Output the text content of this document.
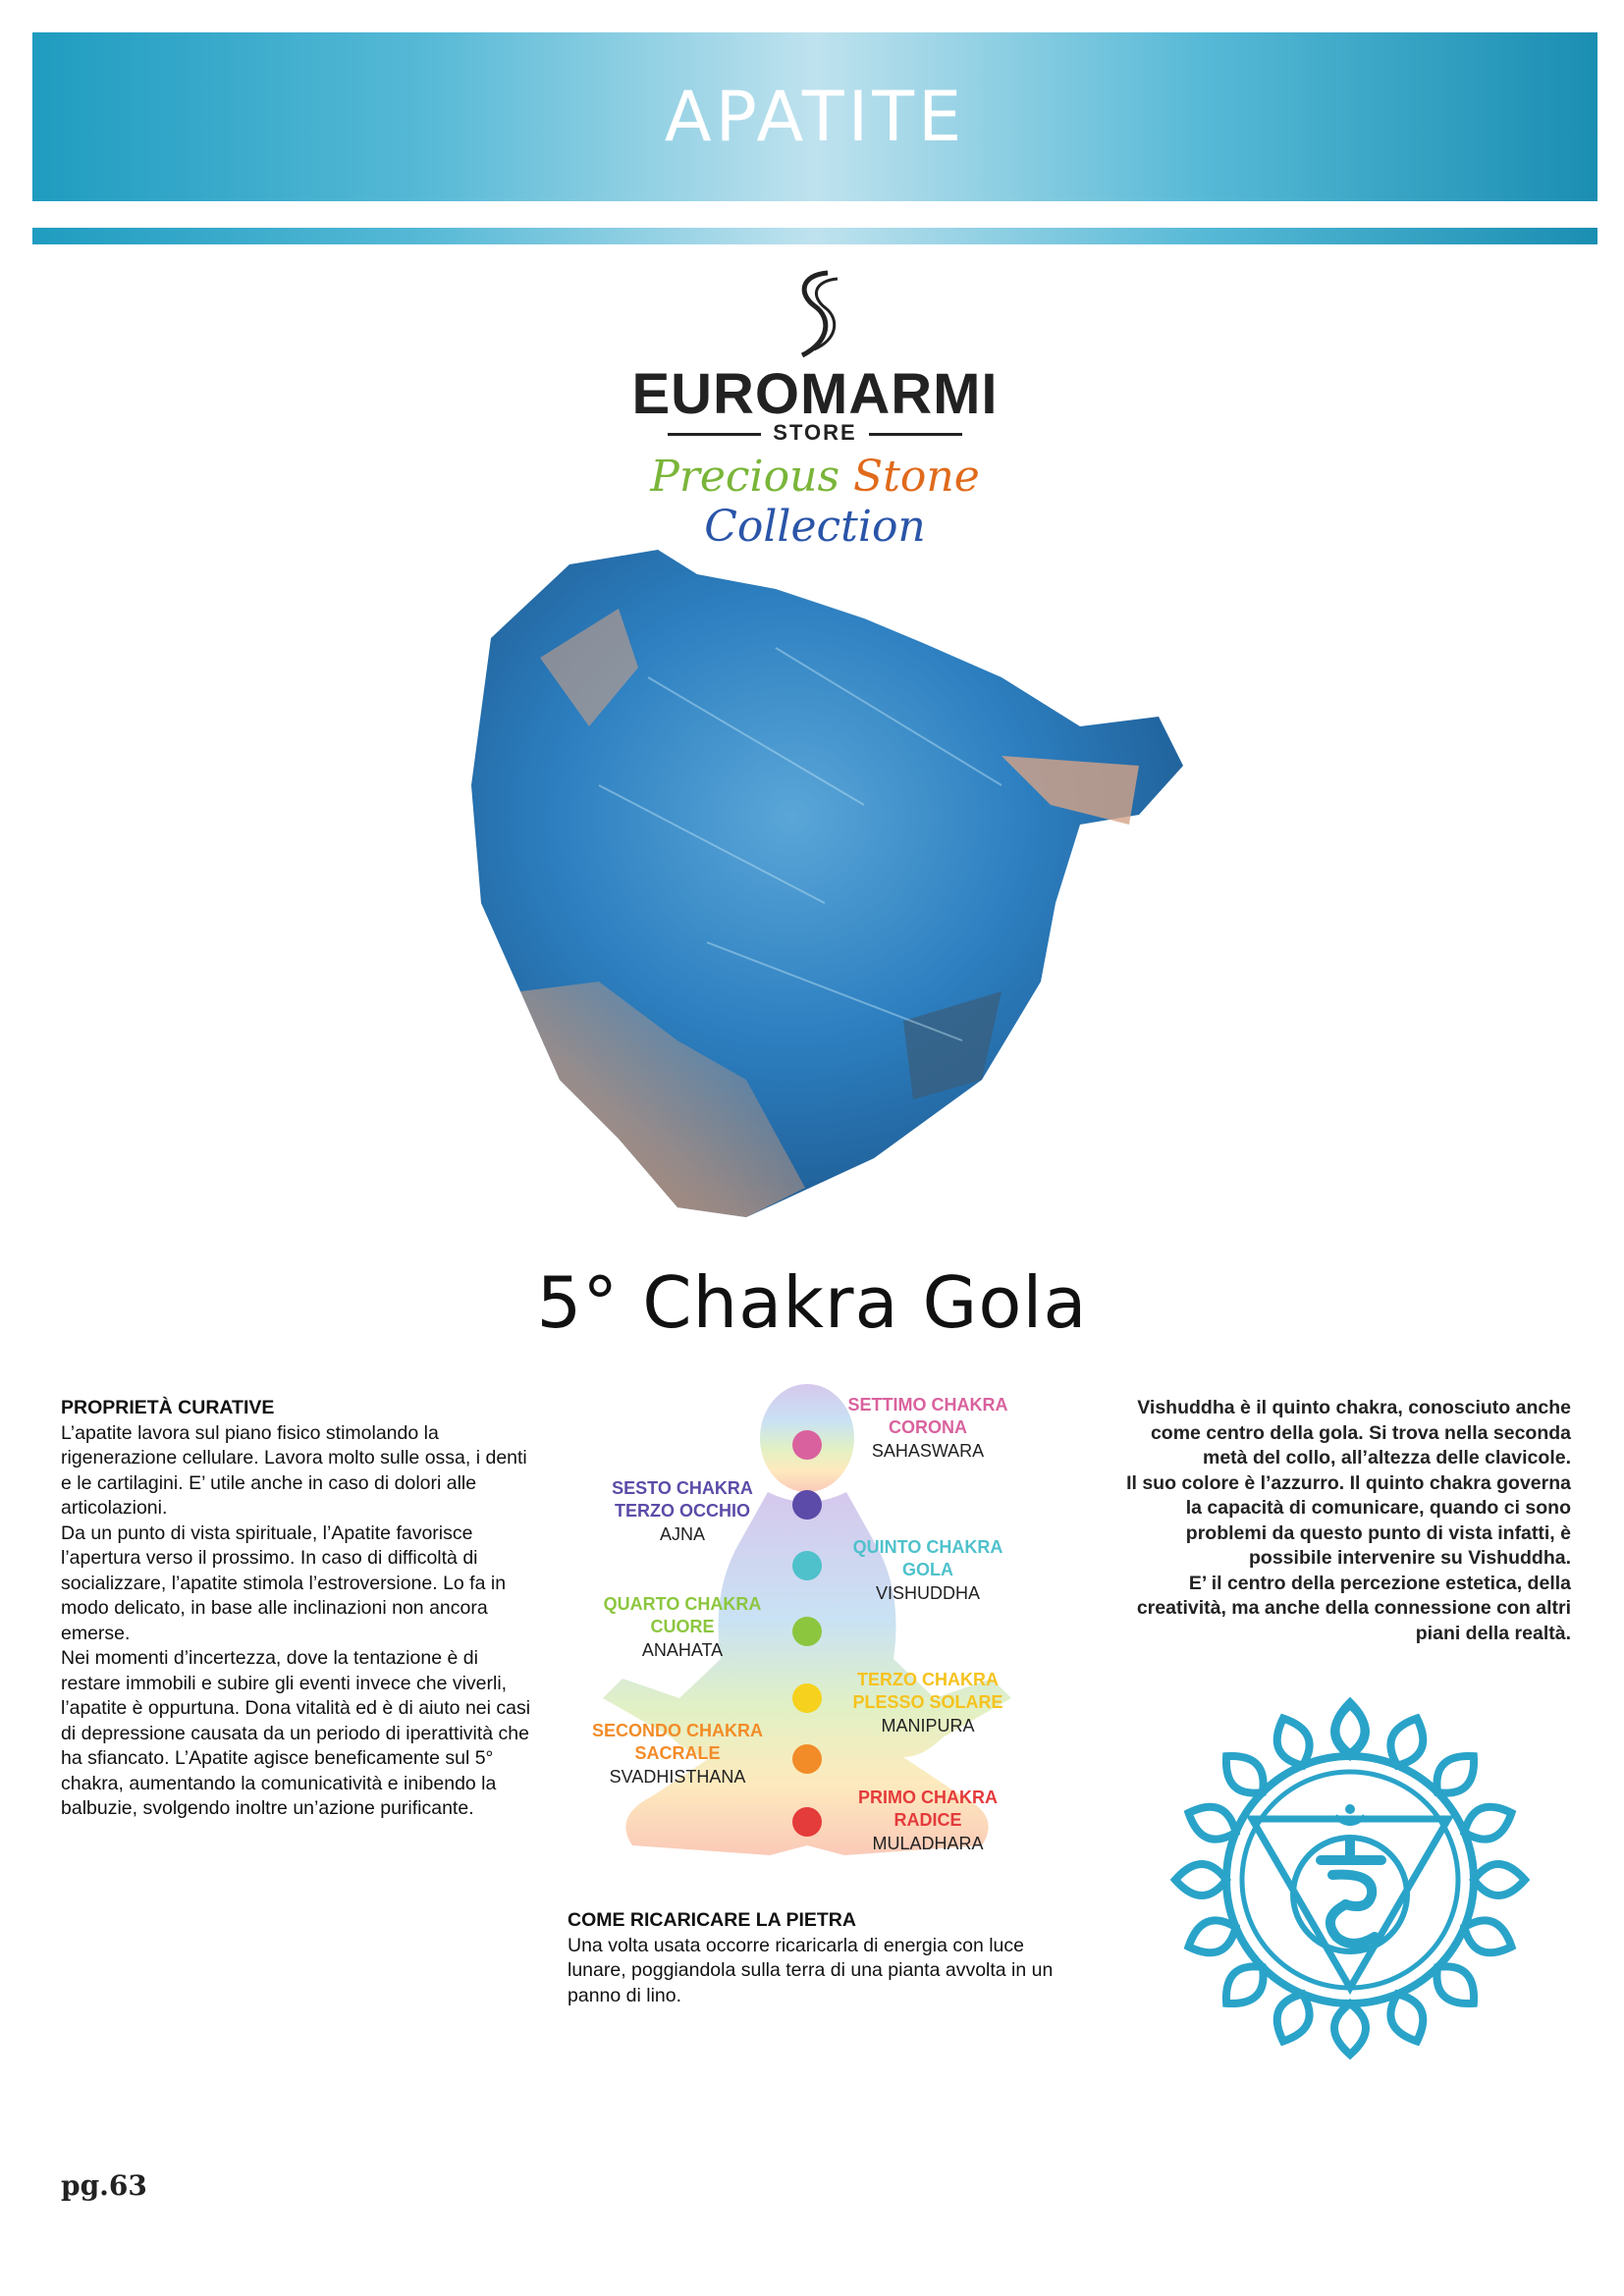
APATITE
EUROMARMI
STORE
Precious Stone Collection
5° Chakra Gola
PROPRIETÀ CURATIVE

L’apatite lavora sul piano fisico stimolando la rigenerazione cellulare. Lavora molto sulle ossa, i denti e le cartilagini. E’ utile anche in caso di dolori alle articolazioni.

Da un punto di vista spirituale, l’Apatite favorisce l’apertura verso il prossimo. In caso di difficoltà di socializzare, l’apatite stimola l’estroversione. Lo fa in modo delicato, in base alle inclinazioni non ancora emerse.

Nei momenti d’incertezza, dove la tentazione è di restare immobili e subire gli eventi invece che viverli, l’apatite è oppurtuna. Dona vitalità ed è di aiuto nei casi di depressione causata da un periodo di iperattività che ha sfiancato. L’Apatite agisce beneficamente sul 5° chakra, aumentando la comunicatività e inibendo la balbuzie, svolgendo inoltre un’azione purificante.

SETTIMO CHAKRA
CORONA
SAHASWARA
SESTO CHAKRA
TERZO OCCHIO
AJNA
QUINTO CHAKRA
GOLA
VISHUDDHA
QUARTO CHAKRA
CUORE
ANAHATA
TERZO CHAKRA
PLESSO SOLARE
MANIPURA
SECONDO CHAKRA
SACRALE
SVADHISTHANA
PRIMO CHAKRA
RADICE
MULADHARA
COME RICARICARE LA PIETRA
Una volta usata occorre ricaricarla di energia con luce lunare, poggiandola sulla terra di una pianta avvolta in un panno di lino.
Vishuddha è il quinto chakra, conosciuto anche
come centro della gola. Si trova nella seconda
metà del collo, all’altezza delle clavicole.
Il suo colore è l’azzurro. Il quinto chakra governa
la capacità di comunicare, quando ci sono
problemi da questo punto di vista infatti, è
possibile intervenire su Vishuddha.
E’ il centro della percezione estetica, della
creatività, ma anche della connessione con altri
piani della realtà.
pg.63
